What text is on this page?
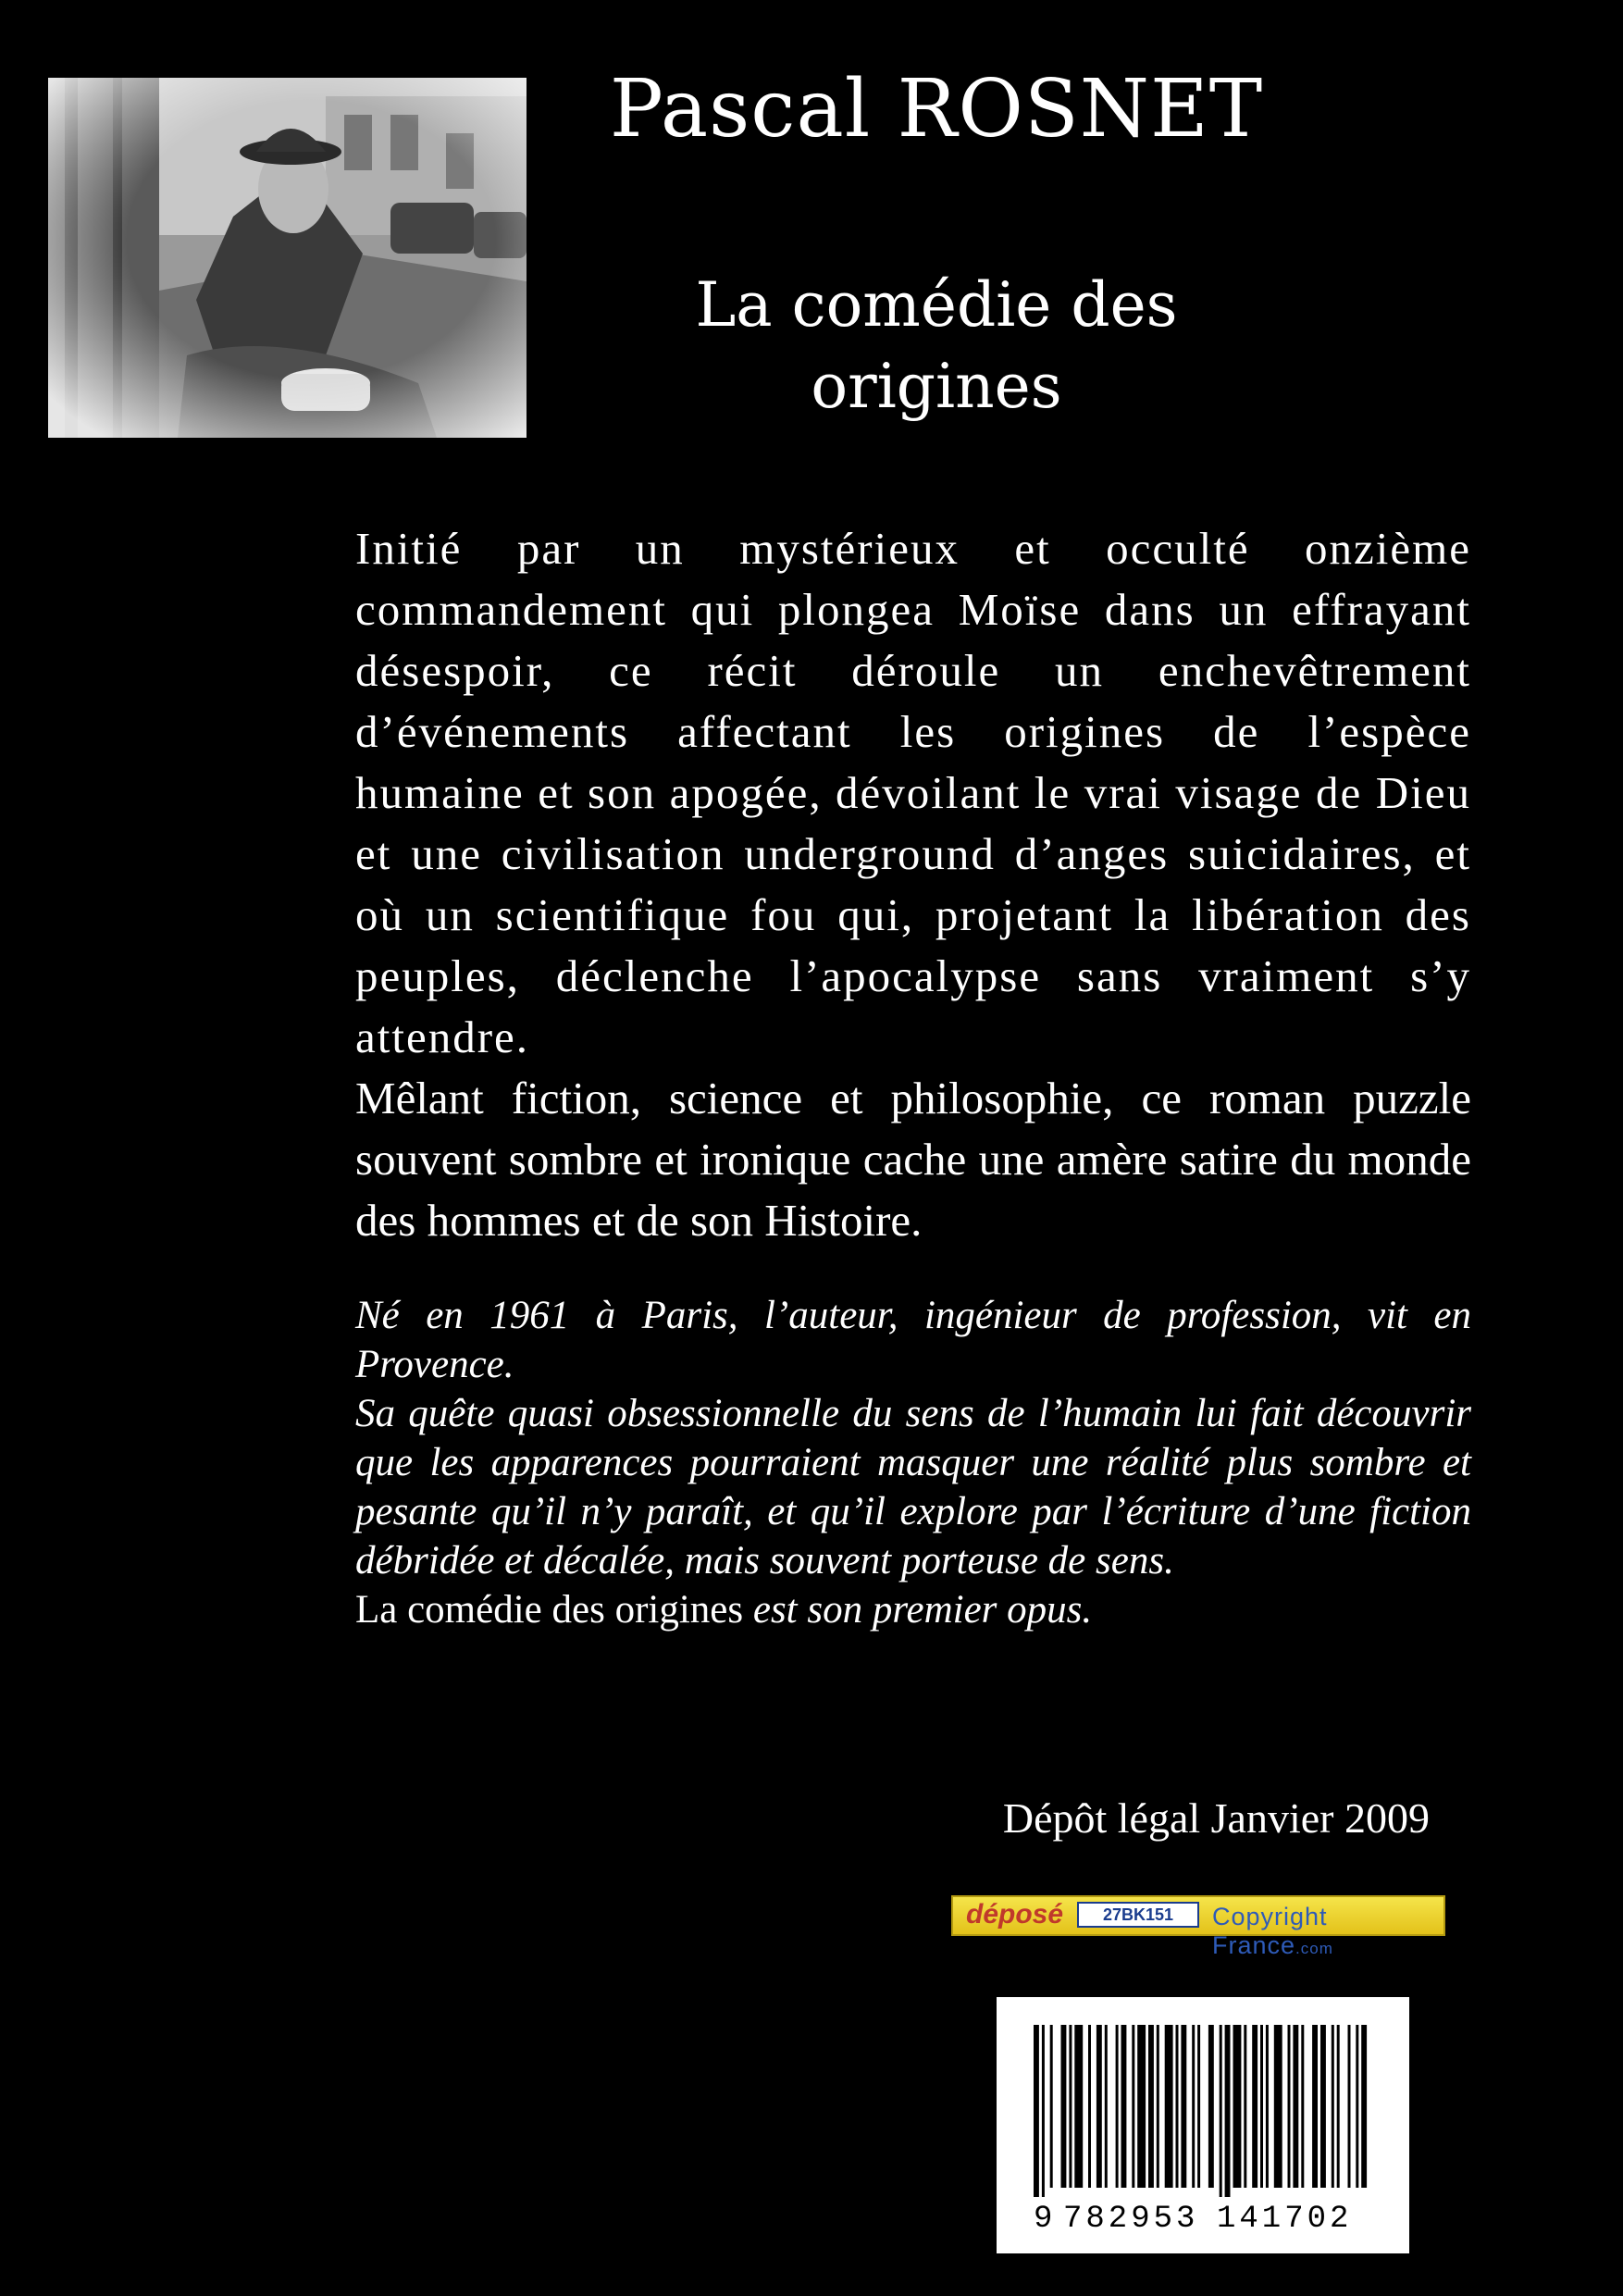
Pascal ROSNET
La comédie des
origines

Initié par un mystérieux et occulté onzième commandement qui plongea Moïse dans un effrayant désespoir, ce récit déroule un enchevêtrement d’événements affectant les origines de l’espèce humaine et son apogée, dévoilant le vrai visage de Dieu et une civilisation underground d’anges suicidaires, et où un scientifique fou qui, projetant la libération des peuples, déclenche l’apocalypse sans vraiment s’y attendre.

Mêlant fiction, science et philosophie, ce roman puzzle souvent sombre et ironique cache une amère satire du monde des hommes et de son Histoire.

Né en 1961 à Paris, l’auteur, ingénieur de profession, vit en Provence.

Sa quête quasi obsessionnelle du sens de l’humain lui fait découvrir que les apparences pourraient masquer une réalité plus sombre et pesante qu’il n’y paraît, et qu’il explore par l’écriture d’une fiction débridée et décalée, mais souvent porteuse de sens.

La comédie des origines est son premier opus.

Dépôt légal Janvier 2009
déposé	27BK151	Copyright France.com
9 782953 141702
